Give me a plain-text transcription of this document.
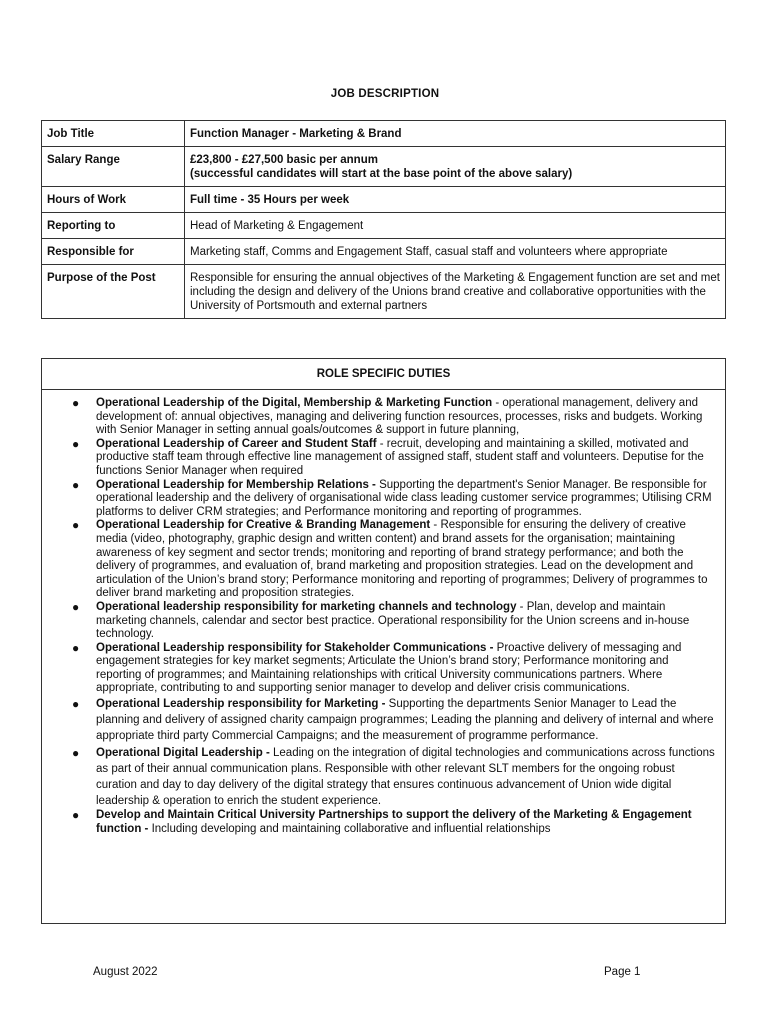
JOB DESCRIPTION
Job Title	Function Manager - Marketing & Brand

Salary Range	£23,800 - £27,500 basic per annum
(successful candidates will start at the base point of the above salary)

Hours of Work	Full time - 35 Hours per week

Reporting to	Head of Marketing & Engagement

Responsible for	Marketing staff, Comms and Engagement Staff, casual staff and volunteers where appropriate

Purpose of the Post	Responsible for ensuring the annual objectives of the Marketing & Engagement function are set and met including the design and delivery of the Unions brand creative and collaborative opportunities with the University of Portsmouth and external partners
ROLE SPECIFIC DUTIES
● Operational Leadership of the Digital, Membership & Marketing Function - operational management, delivery and development of: annual objectives, managing and delivering function resources, processes, risks and budgets. Working with Senior Manager in setting annual goals/outcomes & support in future planning,
● Operational Leadership of Career and Student Staff - recruit, developing and maintaining a skilled, motivated and productive staff team through effective line management of assigned staff, student staff and volunteers. Deputise for the functions Senior Manager when required
● Operational Leadership for Membership Relations - Supporting the department's Senior Manager. Be responsible for operational leadership and the delivery of organisational wide class leading customer service programmes; Utilising CRM platforms to deliver CRM strategies; and Performance monitoring and reporting of programmes.
● Operational Leadership for Creative & Branding Management - Responsible for ensuring the delivery of creative media (video, photography, graphic design and written content) and brand assets for the organisation; maintaining awareness of key segment and sector trends; monitoring and reporting of brand strategy performance; and both the delivery of programmes, and evaluation of, brand marketing and proposition strategies. Lead on the development and articulation of the Union’s brand story; Performance monitoring and reporting of programmes; Delivery of programmes to deliver brand marketing and proposition strategies.
● Operational leadership responsibility for marketing channels and technology - Plan, develop and maintain marketing channels, calendar and sector best practice. Operational responsibility for the Union screens and in-house technology.
● Operational Leadership responsibility for Stakeholder Communications - Proactive delivery of messaging and engagement strategies for key market segments; Articulate the Union’s brand story; Performance monitoring and reporting of programmes; and Maintaining relationships with critical University communications partners. Where appropriate, contributing to and supporting senior manager to develop and deliver crisis communications.
● Operational Leadership responsibility for Marketing - Supporting the departments Senior Manager to Lead the planning and delivery of assigned charity campaign programmes; Leading the planning and delivery of internal and where appropriate third party Commercial Campaigns; and the measurement of programme performance.
● Operational Digital Leadership - Leading on the integration of digital technologies and communications across functions as part of their annual communication plans. Responsible with other relevant SLT members for the ongoing robust curation and day to day delivery of the digital strategy that ensures continuous advancement of Union wide digital leadership & operation to enrich the student experience.
● Develop and Maintain Critical University Partnerships to support the delivery of the Marketing & Engagement function - Including developing and maintaining collaborative and influential relationships
August 2022	Page 1
